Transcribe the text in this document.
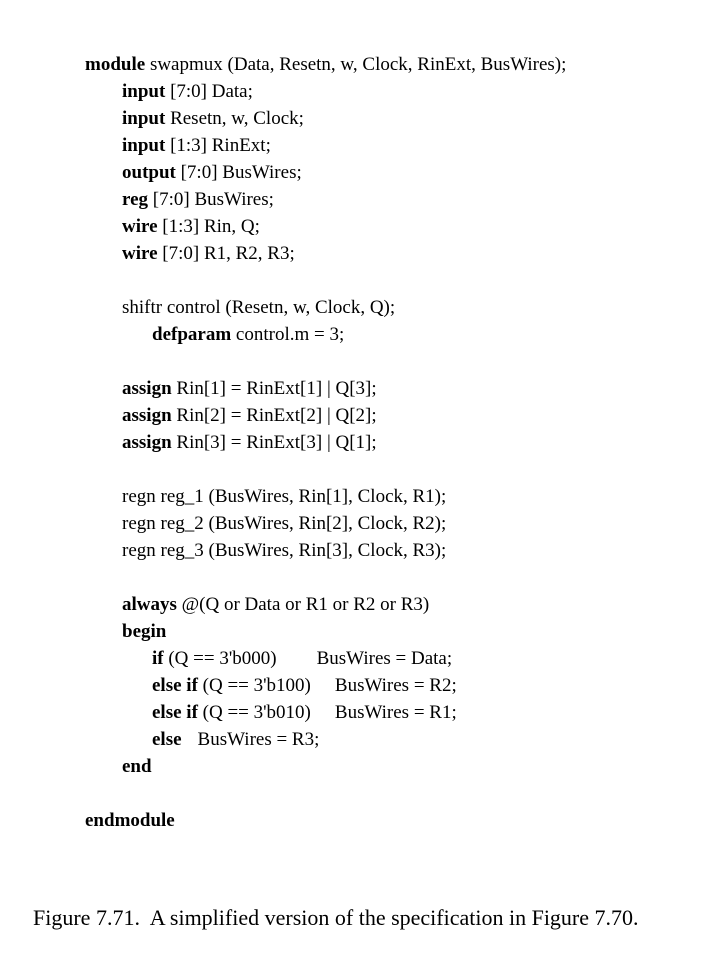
module swapmux (Data, Resetn, w, Clock, RinExt, BusWires);
input [7:0] Data;
input Resetn, w, Clock;
input [1:3] RinExt;
output [7:0] BusWires;
reg [7:0] BusWires;
wire [1:3] Rin, Q;
wire [7:0] R1, R2, R3;
shiftr control (Resetn, w, Clock, Q);
defparam control.m = 3;
assign Rin[1] = RinExt[1] | Q[3];
assign Rin[2] = RinExt[2] | Q[2];
assign Rin[3] = RinExt[3] | Q[1];
regn reg_1 (BusWires, Rin[1], Clock, R1);
regn reg_2 (BusWires, Rin[2], Clock, R2);
regn reg_3 (BusWires, Rin[3], Clock, R3);
always @(Q or Data or R1 or R2 or R3)
begin
if (Q == 3'b000) BusWires = Data;
else if (Q == 3'b100) BusWires = R2;
else if (Q == 3'b010) BusWires = R1;
else BusWires = R3;
end
endmodule
Figure 7.71.  A simplified version of the specification in Figure 7.70.
